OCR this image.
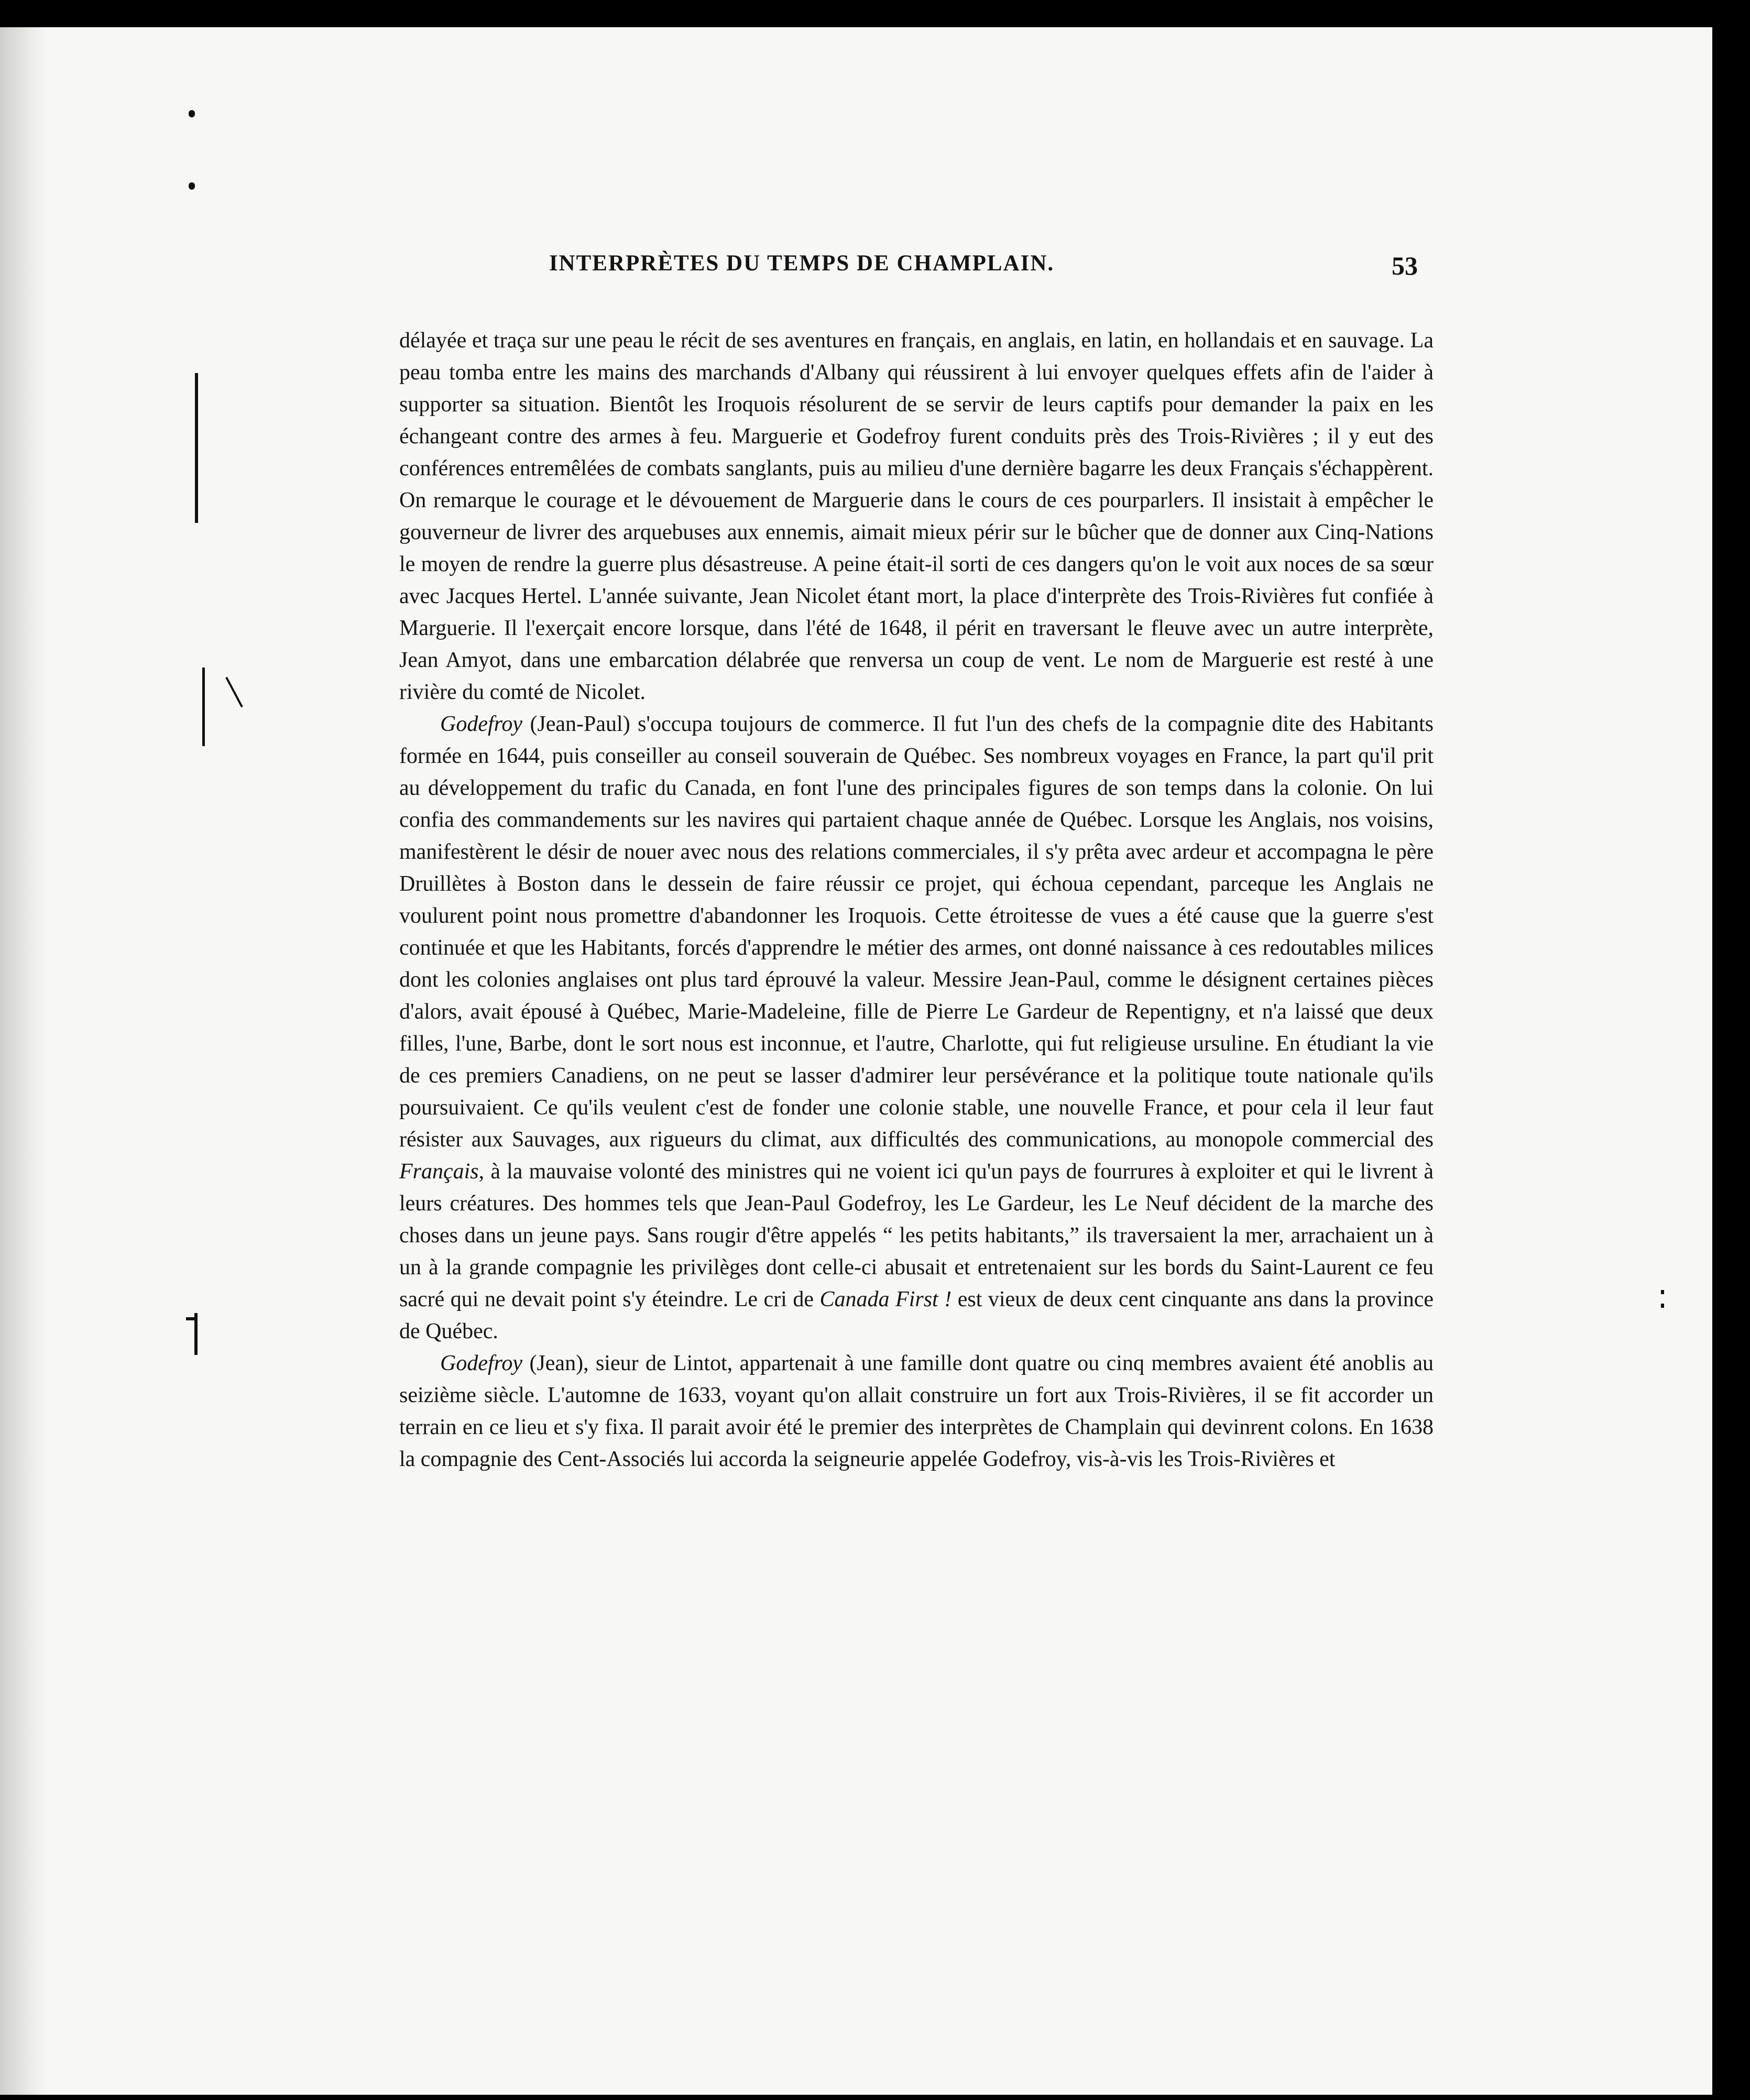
INTERPRÈTES DU TEMPS DE CHAMPLAIN.	53

délayée et traça sur une peau le récit de ses aventures en français, en anglais, en latin, en hollandais et en sauvage. La peau tomba entre les mains des marchands d'Albany qui réussirent à lui envoyer quelques effets afin de l'aider à supporter sa situation. Bientôt les Iroquois résolurent de se servir de leurs captifs pour demander la paix en les échangeant contre des armes à feu. Marguerie et Godefroy furent conduits près des Trois-Rivières ; il y eut des conférences entremêlées de combats sanglants, puis au milieu d'une dernière bagarre les deux Français s'échappèrent. On remarque le courage et le dévouement de Marguerie dans le cours de ces pourparlers. Il insistait à empêcher le gouverneur de livrer des arquebuses aux ennemis, aimait mieux périr sur le bûcher que de donner aux Cinq-Nations le moyen de rendre la guerre plus désastreuse. A peine était-il sorti de ces dangers qu'on le voit aux noces de sa sœur avec Jacques Hertel. L'année suivante, Jean Nicolet étant mort, la place d'interprète des Trois-Rivières fut confiée à Marguerie. Il l'exerçait encore lorsque, dans l'été de 1648, il périt en traversant le fleuve avec un autre interprète, Jean Amyot, dans une embarcation délabrée que renversa un coup de vent. Le nom de Marguerie est resté à une rivière du comté de Nicolet.

Godefroy (Jean-Paul) s'occupa toujours de commerce. Il fut l'un des chefs de la compagnie dite des Habitants formée en 1644, puis conseiller au conseil souverain de Québec. Ses nombreux voyages en France, la part qu'il prit au développement du trafic du Canada, en font l'une des principales figures de son temps dans la colonie. On lui confia des commandements sur les navires qui partaient chaque année de Québec. Lorsque les Anglais, nos voisins, manifestèrent le désir de nouer avec nous des relations commerciales, il s'y prêta avec ardeur et accompagna le père Druillètes à Boston dans le dessein de faire réussir ce projet, qui échoua cependant, parceque les Anglais ne voulurent point nous promettre d'abandonner les Iroquois. Cette étroitesse de vues a été cause que la guerre s'est continuée et que les Habitants, forcés d'apprendre le métier des armes, ont donné naissance à ces redoutables milices dont les colonies anglaises ont plus tard éprouvé la valeur. Messire Jean-Paul, comme le désignent certaines pièces d'alors, avait épousé à Québec, Marie-Madeleine, fille de Pierre Le Gardeur de Repentigny, et n'a laissé que deux filles, l'une, Barbe, dont le sort nous est inconnue, et l'autre, Charlotte, qui fut religieuse ursuline. En étudiant la vie de ces premiers Canadiens, on ne peut se lasser d'admirer leur persévérance et la politique toute nationale qu'ils poursuivaient. Ce qu'ils veulent c'est de fonder une colonie stable, une nouvelle France, et pour cela il leur faut résister aux Sauvages, aux rigueurs du climat, aux difficultés des communications, au monopole commercial des Français, à la mauvaise volonté des ministres qui ne voient ici qu'un pays de fourrures à exploiter et qui le livrent à leurs créatures. Des hommes tels que Jean-Paul Godefroy, les Le Gardeur, les Le Neuf décident de la marche des choses dans un jeune pays. Sans rougir d'être appelés “ les petits habitants,” ils traversaient la mer, arrachaient un à un à la grande compagnie les privilèges dont celle-ci abusait et entretenaient sur les bords du Saint-Laurent ce feu sacré qui ne devait point s'y éteindre. Le cri de Canada First ! est vieux de deux cent cinquante ans dans la province de Québec.

Godefroy (Jean), sieur de Lintot, appartenait à une famille dont quatre ou cinq membres avaient été anoblis au seizième siècle. L'automne de 1633, voyant qu'on allait construire un fort aux Trois-Rivières, il se fit accorder un terrain en ce lieu et s'y fixa. Il parait avoir été le premier des interprètes de Champlain qui devinrent colons. En 1638 la compagnie des Cent-Associés lui accorda la seigneurie appelée Godefroy, vis-à-vis les Trois-Rivières et
